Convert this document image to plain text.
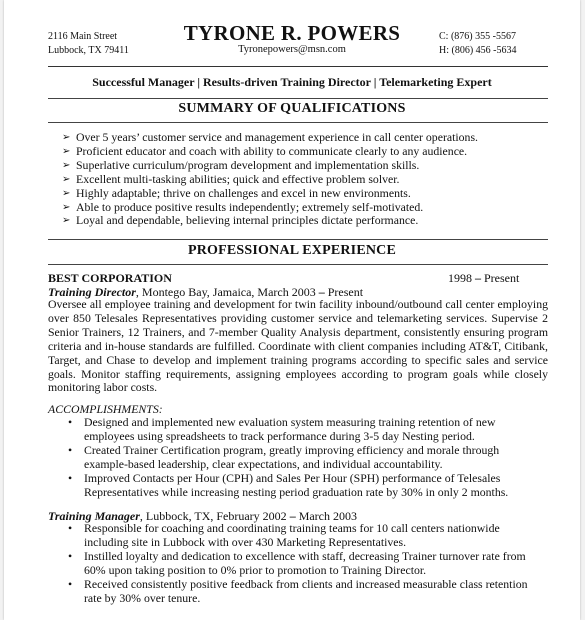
2116 Main Street
Lubbock, TX 79411
TYRONE R. POWERS
Tyronepowers@msn.com
C: (876) 355 -5567
H: (806) 456 -5634
Successful Manager | Results-driven Training Director | Telemarketing Expert
SUMMARY OF QUALIFICATIONS
➢ Over 5 years’ customer service and management experience in call center operations.
➢ Proficient educator and coach with ability to communicate clearly to any audience.
➢ Superlative curriculum/program development and implementation skills.
➢ Excellent multi-tasking abilities; quick and effective problem solver.
➢ Highly adaptable; thrive on challenges and excel in new environments.
➢ Able to produce positive results independently; extremely self-motivated.
➢ Loyal and dependable, believing internal principles dictate performance.
PROFESSIONAL EXPERIENCE
BEST CORPORATION	1998 – Present
Training Director, Montego Bay, Jamaica, March 2003 – Present
Oversee all employee training and development for twin facility inbound/outbound call center employing over 850 Telesales Representatives providing customer service and telemarketing services. Supervise 2 Senior Trainers, 12 Trainers, and 7-member Quality Analysis department, consistently ensuring program criteria and in-house standards are fulfilled. Coordinate with client companies including AT&T, Citibank, Target, and Chase to develop and implement training programs according to specific sales and service goals. Monitor staffing requirements, assigning employees according to program goals while closely monitoring labor costs.
ACCOMPLISHMENTS:
• Designed and implemented new evaluation system measuring training retention of new employees using spreadsheets to track performance during 3-5 day Nesting period.
• Created Trainer Certification program, greatly improving efficiency and morale through example-based leadership, clear expectations, and individual accountability.
• Improved Contacts per Hour (CPH) and Sales Per Hour (SPH) performance of Telesales Representatives while increasing nesting period graduation rate by 30% in only 2 months.
Training Manager, Lubbock, TX, February 2002 – March 2003
• Responsible for coaching and coordinating training teams for 10 call centers nationwide including site in Lubbock with over 430 Marketing Representatives.
• Instilled loyalty and dedication to excellence with staff, decreasing Trainer turnover rate from 60% upon taking position to 0% prior to promotion to Training Director.
• Received consistently positive feedback from clients and increased measurable class retention rate by 30% over tenure.
